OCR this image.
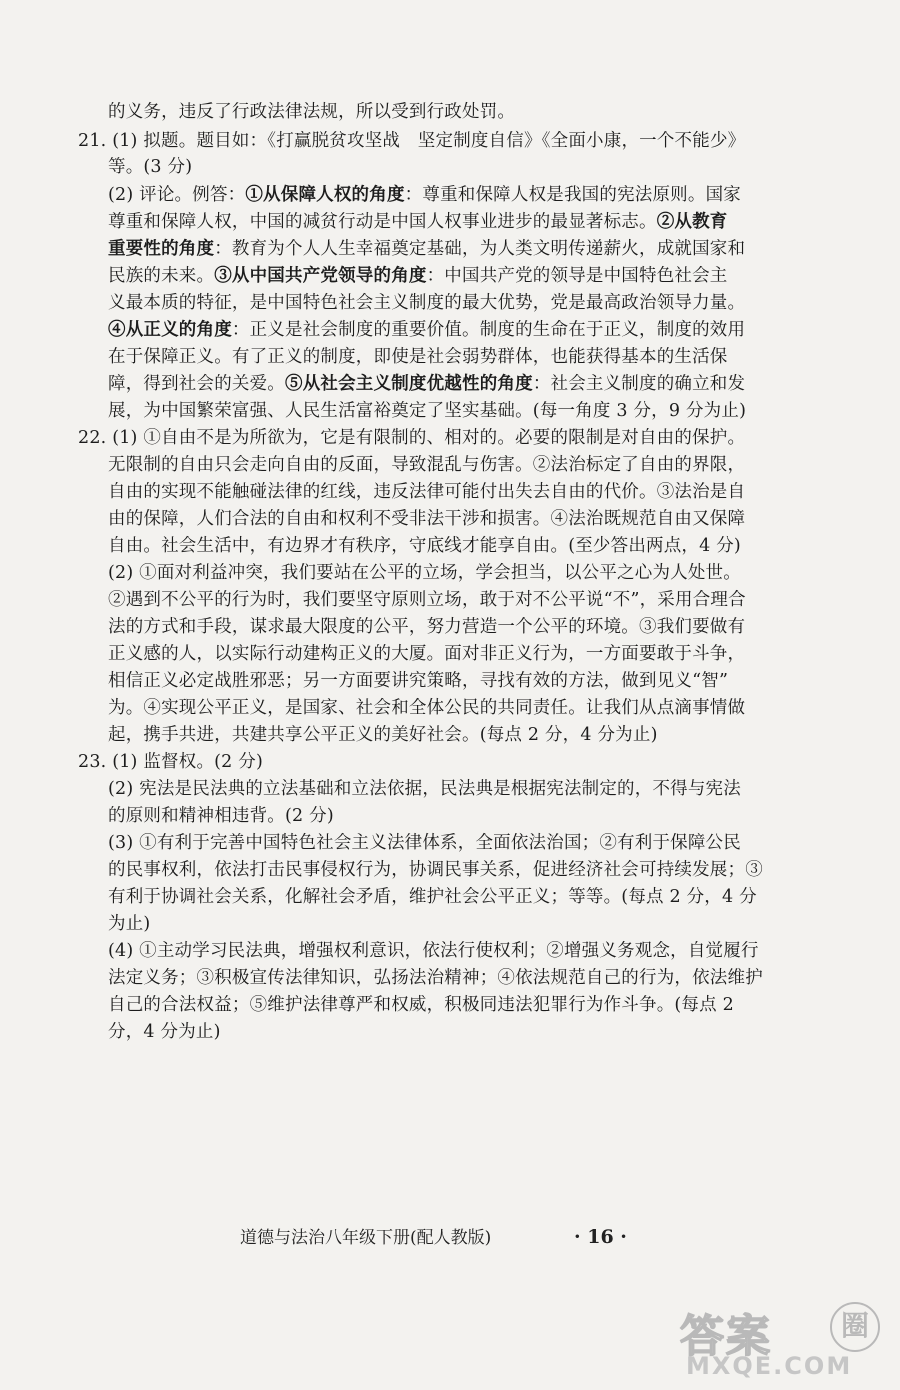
的义务，违反了行政法律法规，所以受到行政处罚。
21. (1) 拟题。题目如：《打赢脱贫攻坚战　坚定制度自信》《全面小康，一个不能少》
等。(3 分)
(2) 评论。例答：①从保障人权的角度：尊重和保障人权是我国的宪法原则。国家
尊重和保障人权，中国的减贫行动是中国人权事业进步的最显著标志。②从教育
重要性的角度：教育为个人人生幸福奠定基础，为人类文明传递薪火，成就国家和
民族的未来。③从中国共产党领导的角度：中国共产党的领导是中国特色社会主
义最本质的特征，是中国特色社会主义制度的最大优势，党是最高政治领导力量。
④从正义的角度：正义是社会制度的重要价值。制度的生命在于正义，制度的效用
在于保障正义。有了正义的制度，即使是社会弱势群体，也能获得基本的生活保
障，得到社会的关爱。⑤从社会主义制度优越性的角度：社会主义制度的确立和发
展，为中国繁荣富强、人民生活富裕奠定了坚实基础。(每一角度 3 分，9 分为止)
22. (1) ①自由不是为所欲为，它是有限制的、相对的。必要的限制是对自由的保护。
无限制的自由只会走向自由的反面，导致混乱与伤害。②法治标定了自由的界限，
自由的实现不能触碰法律的红线，违反法律可能付出失去自由的代价。③法治是自
由的保障，人们合法的自由和权利不受非法干涉和损害。④法治既规范自由又保障
自由。社会生活中，有边界才有秩序，守底线才能享自由。(至少答出两点，4 分)
(2) ①面对利益冲突，我们要站在公平的立场，学会担当，以公平之心为人处世。
②遇到不公平的行为时，我们要坚守原则立场，敢于对不公平说“不”，采用合理合
法的方式和手段，谋求最大限度的公平，努力营造一个公平的环境。③我们要做有
正义感的人，以实际行动建构正义的大厦。面对非正义行为，一方面要敢于斗争，
相信正义必定战胜邪恶；另一方面要讲究策略，寻找有效的方法，做到见义“智”
为。④实现公平正义，是国家、社会和全体公民的共同责任。让我们从点滴事情做
起，携手共进，共建共享公平正义的美好社会。(每点 2 分，4 分为止)
23. (1) 监督权。(2 分)
(2) 宪法是民法典的立法基础和立法依据，民法典是根据宪法制定的，不得与宪法
的原则和精神相违背。(2 分)
(3) ①有利于完善中国特色社会主义法律体系，全面依法治国；②有利于保障公民
的民事权利，依法打击民事侵权行为，协调民事关系，促进经济社会可持续发展；③
有利于协调社会关系，化解社会矛盾，维护社会公平正义；等等。(每点 2 分，4 分
为止)
(4) ①主动学习民法典，增强权利意识，依法行使权利；②增强义务观念，自觉履行
法定义务；③积极宣传法律知识，弘扬法治精神；④依法规范自己的行为，依法维护
自己的合法权益；⑤维护法律尊严和权威，积极同违法犯罪行为作斗争。(每点 2
分，4 分为止)
道德与法治八年级下册(配人教版)	· 16 ·
答案	圈
MXQE.COM
